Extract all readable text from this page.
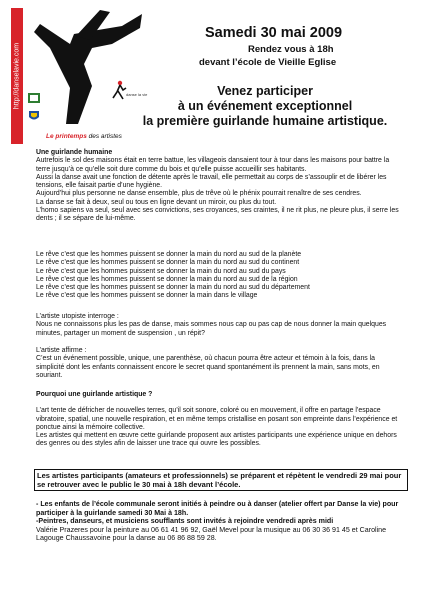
http://danselavie.com	danse la vie
Le printemps des artistes
Samedi 30 mai 2009
Rendez vous à 18h
devant l’école de Vieille Eglise
Venez participer
à un événement exceptionnel
la première guirlande humaine artistique.

Une guirlande humaine

Autrefois le sol des maisons était en terre battue, les villageois dansaient tour à tour dans les maisons pour battre la terre jusqu’à ce qu’elle soit dure comme du bois et qu’elle puisse accueillir ses habitants.

Aussi la danse avait une fonction de détente après le travail, elle permettait au corps de s’assouplir et de libérer les tensions, elle faisait partie d’une hygiène.

Aujourd’hui plus personne ne danse ensemble, plus de trêve où le phénix pourrait renaître de ses cendres.

La danse se fait à deux, seul ou tous en ligne devant un miroir, ou plus du tout.

L’homo sapiens va seul, seul avec ses convictions, ses croyances, ses craintes, il ne rit plus, ne pleure plus, il serre les dents ; il se sépare de lui-même.

Le rêve c’est que les hommes puissent se donner la main du nord au sud de la planète

Le rêve c’est que les hommes puissent se donner la main du nord au sud du continent

Le rêve c’est que les hommes puissent se donner la main du nord au sud du pays

Le rêve c’est que les hommes puissent se donner la main du nord au sud de la région

Le rêve c’est que les hommes puissent se donner la main du nord au sud du département

Le rêve c’est que les hommes puissent se donner la main dans le village

L’artiste utopiste interroge :

Nous ne connaissons plus les pas de danse, mais sommes nous cap ou pas cap de nous donner la main quelques minutes, partager un moment de suspension , un répit?

L’artiste affirme :

C’est un événement possible, unique, une parenthèse, où chacun pourra être acteur et témoin à la fois, dans la simplicité dont les enfants connaissent encore le secret quand spontanément ils prennent la main, sans mots, en souriant.

Pourquoi une guirlande artistique ?

L’art tente de défricher de nouvelles terres, qu’il soit sonore, coloré ou en mouvement, il offre en partage l’espace vibratoire, spatial, une nouvelle respiration, et en même temps cristallise en posant son empreinte dans l’expérience et ponctue ainsi la mémoire collective.

Les artistes qui mettent en œuvre cette guirlande proposent aux artistes participants une expérience unique en dehors des genres ou des styles afin de laisser une trace qui ouvre les possibles.

Les artistes participants (amateurs et professionnels) se préparent et répètent le vendredi 29 mai pour se retrouver avec le public le 30 mai à 18h devant l’école.

- Les enfants de l’école communale seront initiés à peindre ou à danser (atelier offert par Danse la vie) pour participer à la guirlande samedi 30 Mai à 18h.

-Peintres, danseurs, et musiciens soufflants sont invités à rejoindre vendredi après midi

Valérie Prazeres pour la peinture au 06 61 41 96 92, Gaël Mevel pour la musique au 06 30 36 91 45 et Caroline Lagouge Chaussavoine pour la danse au 06 86 88 59 28.
